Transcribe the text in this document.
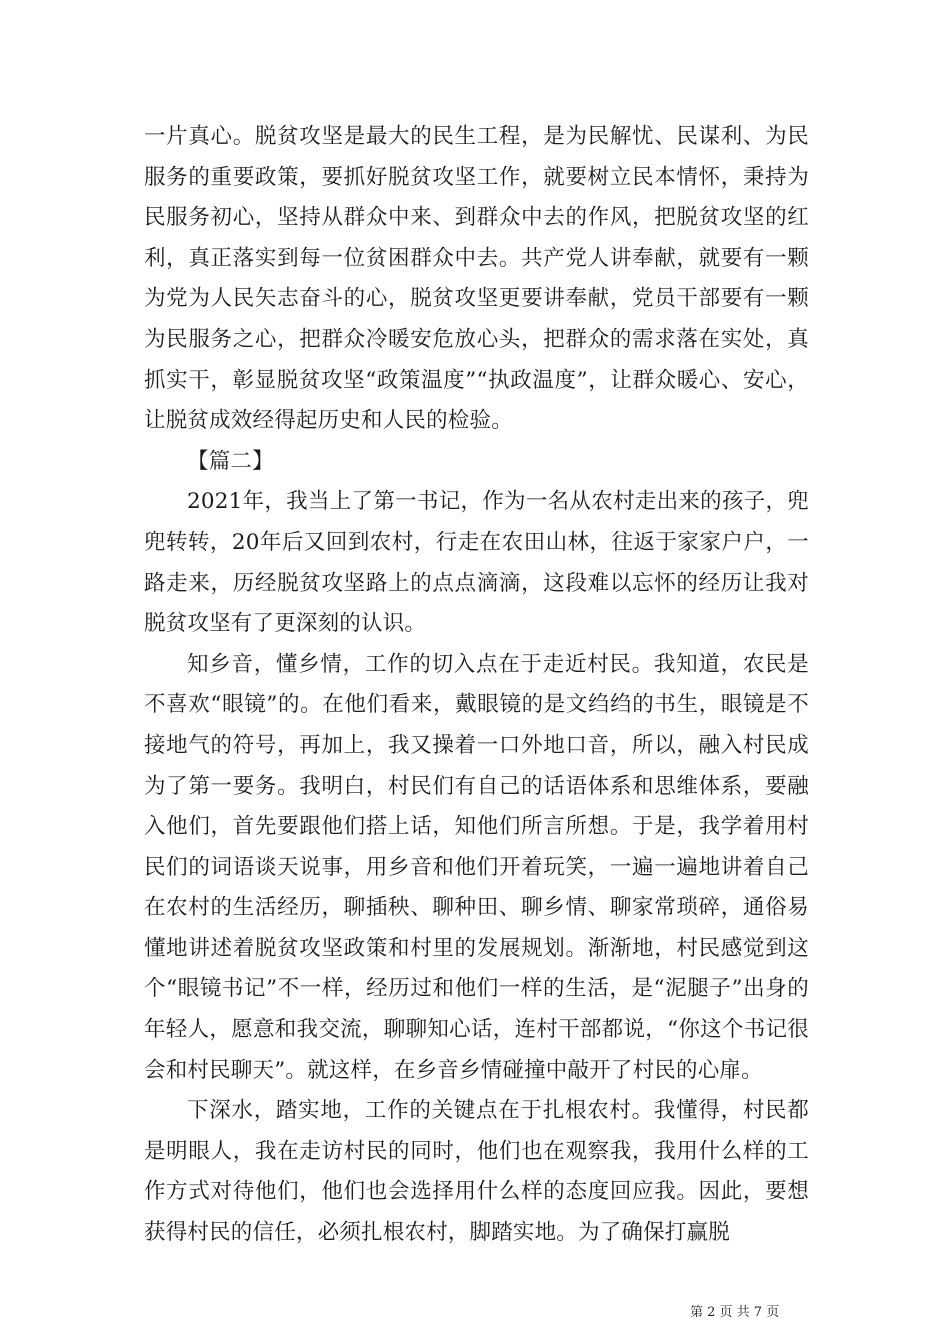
一片真心。脱贫攻坚是最大的民生工程，是为民解忧、民谋利、为民服务的重要政策，要抓好脱贫攻坚工作，就要树立民本情怀，秉持为民服务初心，坚持从群众中来、到群众中去的作风，把脱贫攻坚的红利，真正落实到每一位贫困群众中去。共产党人讲奉献，就要有一颗为党为人民矢志奋斗的心，脱贫攻坚更要讲奉献，党员干部要有一颗为民服务之心，把群众冷暖安危放心头，把群众的需求落在实处，真抓实干，彰显脱贫攻坚“政策温度”“执政温度”，让群众暖心、安心，让脱贫成效经得起历史和人民的检验。

【篇二】

2021年，我当上了第一书记，作为一名从农村走出来的孩子，兜兜转转，20年后又回到农村，行走在农田山林，往返于家家户户，一路走来，历经脱贫攻坚路上的点点滴滴，这段难以忘怀的经历让我对脱贫攻坚有了更深刻的认识。

知乡音，懂乡情，工作的切入点在于走近村民。我知道，农民是不喜欢“眼镜”的。在他们看来，戴眼镜的是文绉绉的书生，眼镜是不接地气的符号，再加上，我又操着一口外地口音，所以，融入村民成为了第一要务。我明白，村民们有自己的话语体系和思维体系，要融入他们，首先要跟他们搭上话，知他们所言所想。于是，我学着用村民们的词语谈天说事，用乡音和他们开着玩笑，一遍一遍地讲着自己在农村的生活经历，聊插秧、聊种田、聊乡情、聊家常琐碎，通俗易懂地讲述着脱贫攻坚政策和村里的发展规划。渐渐地，村民感觉到这个“眼镜书记”不一样，经历过和他们一样的生活，是“泥腿子”出身的年轻人，愿意和我交流，聊聊知心话，连村干部都说，“你这个书记很会和村民聊天”。就这样，在乡音乡情碰撞中敲开了村民的心扉。

下深水，踏实地，工作的关键点在于扎根农村。我懂得，村民都是明眼人，我在走访村民的同时，他们也在观察我，我用什么样的工作方式对待他们，他们也会选择用什么样的态度回应我。因此，要想获得村民的信任，必须扎根农村，脚踏实地。为了确保打赢脱

第 2 页 共 7 页
